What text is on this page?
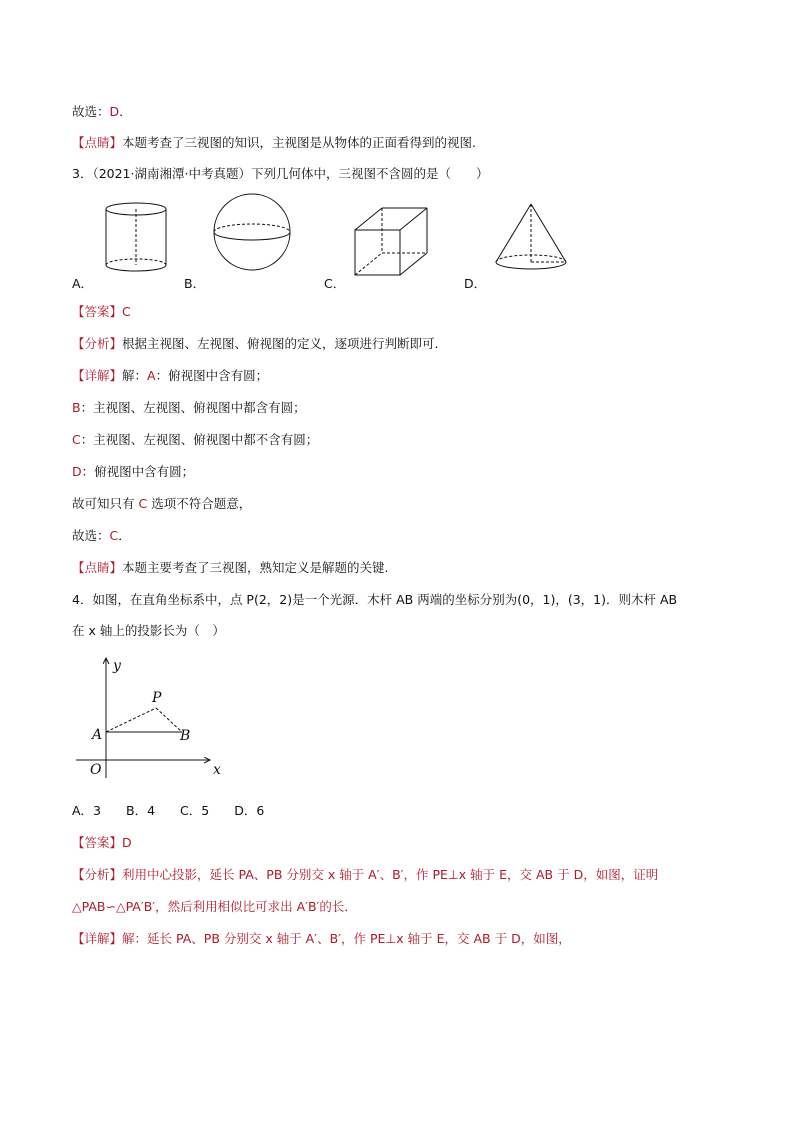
故选：D.
【点睛】本题考查了三视图的知识，主视图是从物体的正面看得到的视图.
3．（2021·湖南湘潭·中考真题）下列几何体中，三视图不含圆的是（　　）
A．	B．	C．	D．
【答案】C
【分析】根据主视图、左视图、俯视图的定义，逐项进行判断即可.
【详解】解：A：俯视图中含有圆；
B：主视图、左视图、俯视图中都含有圆；
C：主视图、左视图、俯视图中都不含有圆；
D：俯视图中含有圆；
故可知只有 C 选项不符合题意，
故选：C．
【点睛】本题主要考查了三视图，熟知定义是解题的关键.
4．如图，在直角坐标系中，点 P(2，2)是一个光源．木杆 AB 两端的坐标分别为(0，1)，(3，1)．则木杆 AB
在 x 轴上的投影长为（　）
y
x
O
P
A	B
A．3　　B．4　　C．5　　D．6
【答案】D
【分析】利用中心投影，延长 PA、PB 分别交 x 轴于 A′、B′，作 PE⊥x 轴于 E，交 AB 于 D，如图，证明
△PAB∽△PA′B′，然后利用相似比可求出 A′B′的长．
【详解】解：延长 PA、PB 分别交 x 轴于 A′、B′，作 PE⊥x 轴于 E，交 AB 于 D，如图，
